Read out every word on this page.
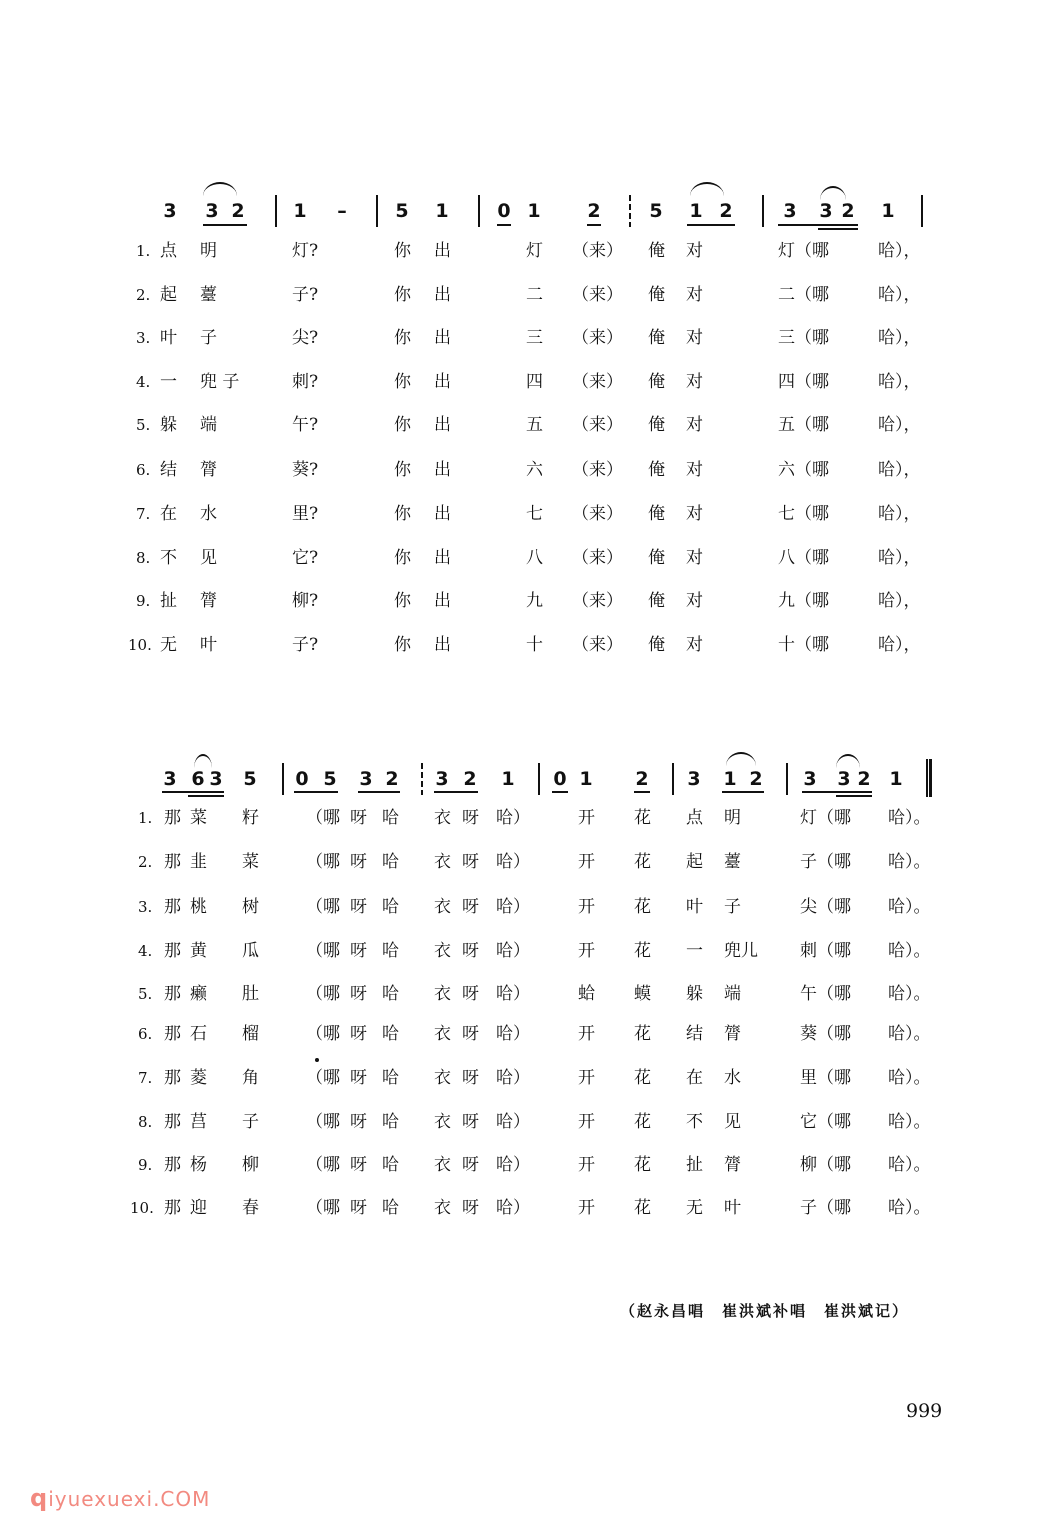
3 3 2	1 –	5 1	0 1 2	5 1 2	3 3 2 1
1. 点 明	灯?	你 出	灯 （来） 俺 对	灯（哪	哈），
2. 起 薹	子?	你 出	二 （来） 俺 对	二（哪	哈），
3. 叶 子	尖?	你 出	三 （来） 俺 对	三（哪	哈），
4. 一 兜 子	刺?	你 出	四 （来） 俺 对	四（哪	哈），
5. 躲 端	午?	你 出	五 （来） 俺 对	五（哪	哈），
6. 结 膂	葵?	你 出	六 （来） 俺 对	六（哪	哈），
7. 在 水	里?	你 出	七 （来） 俺 对	七（哪	哈），
8. 不 见	它?	你 出	八 （来） 俺 对	八（哪	哈），
9. 扯 膂	柳?	你 出	九 （来） 俺 对	九（哪	哈），
10. 无 叶	子?	你 出	十 （来） 俺 对	十（哪	哈），
3 6 3 5 0 5 3 2 3 2 1 0 1 2 3 1 2 3 3 2 1
1. 那 菜 籽	（哪 呀 哈 衣 呀 哈）	开 花 点 明	灯（哪 哈）。
2. 那 韭 菜	（哪 呀 哈 衣 呀 哈）	开 花 起 薹	子（哪 哈）。
3. 那 桃 树	（哪 呀 哈 衣 呀 哈）	开 花 叶 子	尖（哪 哈）。
4. 那 黄 瓜	（哪 呀 哈 衣 呀 哈）	开 花 一 兜儿 刺（哪 哈）。
5. 那 癞 肚	（哪 呀 哈 衣 呀 哈）	蛤 蟆 躲 端	午（哪 哈）。
6. 那 石 榴	（哪 呀 哈 衣 呀 哈）	开 花 结 膂	葵（哪 哈）。
7. 那 菱 角	（哪 呀 哈 衣 呀 哈）	开 花 在 水	里（哪 哈）。
8. 那 莒 子	（哪 呀 哈 衣 呀 哈）	开 花 不 见	它（哪 哈）。
9. 那 杨 柳	（哪 呀 哈 衣 呀 哈）	开 花 扯 膂	柳（哪 哈）。
10. 那 迎 春	（哪 呀 哈 衣 呀 哈）	开 花 无 叶	子（哪 哈）。
（赵永昌唱　崔洪斌补唱　崔洪斌记）
999
qiyuexuexi.COM
